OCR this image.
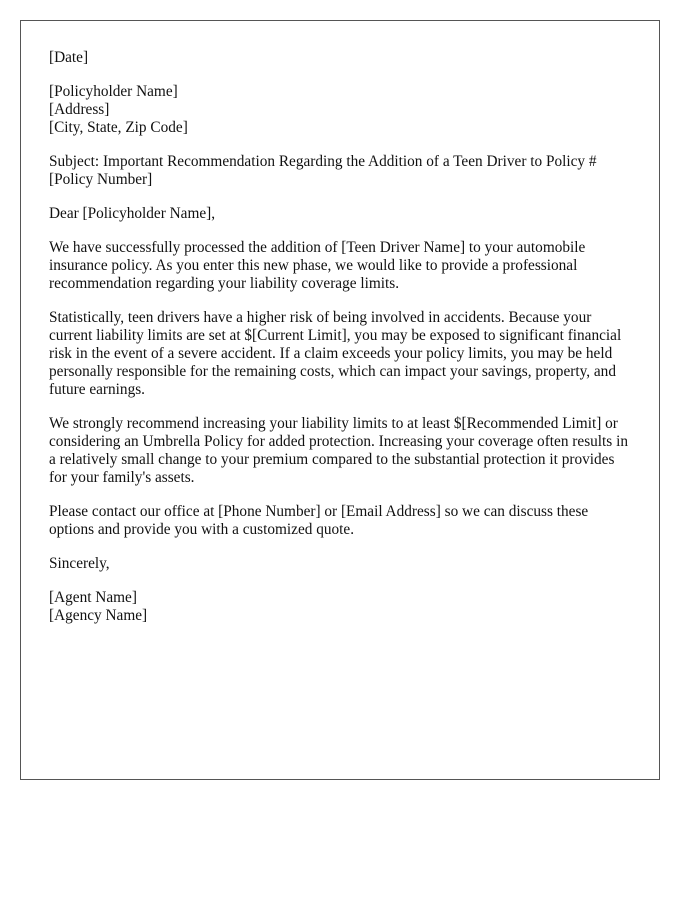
[Date]

[Policyholder Name]
[Address]
[City, State, Zip Code]

Subject: Important Recommendation Regarding the Addition of a Teen Driver to Policy # [Policy Number]

Dear [Policyholder Name],

We have successfully processed the addition of [Teen Driver Name] to your automobile insurance policy. As you enter this new phase, we would like to provide a professional recommendation regarding your liability coverage limits.

Statistically, teen drivers have a higher risk of being involved in accidents. Because your current liability limits are set at $[Current Limit], you may be exposed to significant financial risk in the event of a severe accident. If a claim exceeds your policy limits, you may be held personally responsible for the remaining costs, which can impact your savings, property, and future earnings.

We strongly recommend increasing your liability limits to at least $[Recommended Limit] or considering an Umbrella Policy for added protection. Increasing your coverage often results in a relatively small change to your premium compared to the substantial protection it provides for your family's assets.

Please contact our office at [Phone Number] or [Email Address] so we can discuss these options and provide you with a customized quote.

Sincerely,

[Agent Name]
[Agency Name]
